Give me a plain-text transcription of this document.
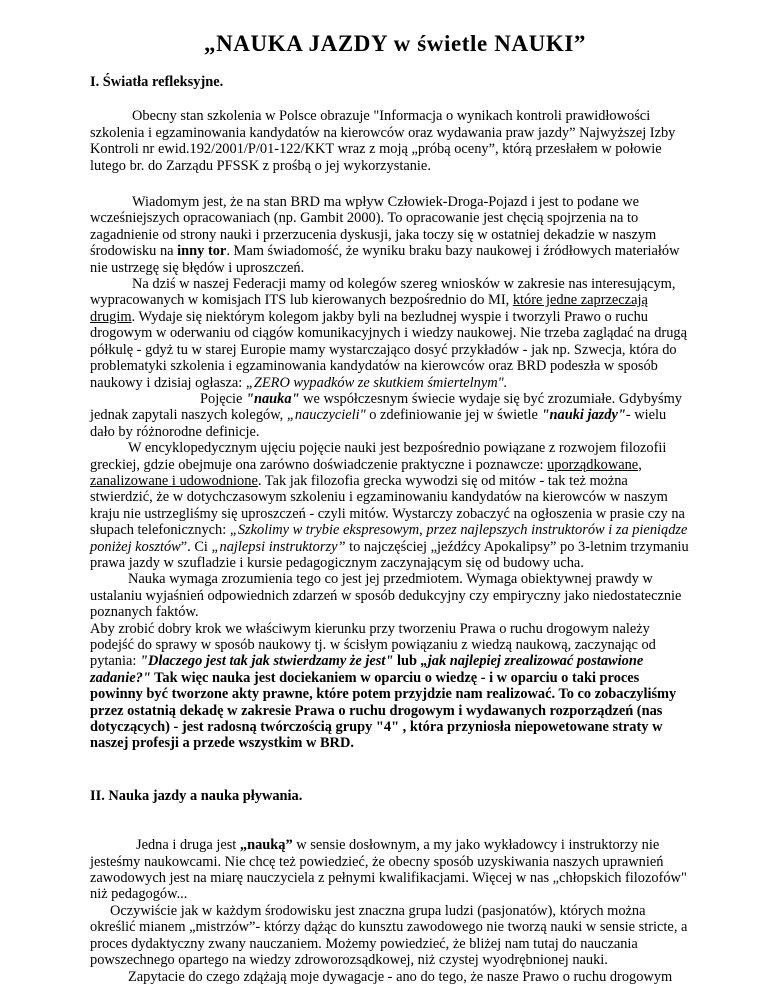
„NAUKA JAZDY w świetle NAUKI”
I. Światła refleksyjne.

Obecny stan szkolenia w Polsce obrazuje "Informacja o wynikach kontroli prawidłowości szkolenia i egzaminowania kandydatów na kierowców oraz wydawania praw jazdy” Najwyższej Izby Kontroli nr ewid.192/2001/P/01-122/KKT wraz z moją „próbą oceny”, którą przesłałem w połowie lutego br. do Zarządu PFSSK z prośbą o jej wykorzystanie.

Wiadomym jest, że na stan BRD ma wpływ Człowiek-Droga-Pojazd i jest to podane we wcześniejszych opracowaniach (np. Gambit 2000). To opracowanie jest chęcią spojrzenia na to zagadnienie od strony nauki i przerzucenia dyskusji, jaka toczy się w ostatniej dekadzie w naszym środowisku na inny tor. Mam świadomość, że wyniku braku bazy naukowej i źródłowych materiałów nie ustrzegę się błędów i uproszczeń.

Na dziś w naszej Federacji mamy od kolegów szereg wniosków w zakresie nas interesującym, wypracowanych w komisjach ITS lub kierowanych bezpośrednio do MI, które jedne zaprzeczają drugim. Wydaje się niektórym kolegom jakby byli na bezludnej wyspie i tworzyli Prawo o ruchu drogowym w oderwaniu od ciągów komunikacyjnych i wiedzy naukowej. Nie trzeba zaglądać na drugą półkulę - gdyż tu w starej Europie mamy wystarczająco dosyć przykładów - jak np. Szwecja, która do problematyki szkolenia i egzaminowania kandydatów na kierowców oraz BRD podeszła w sposób naukowy i dzisiaj ogłasza: „ZERO wypadków ze skutkiem śmiertelnym".

Pojęcie "nauka" we współczesnym świecie wydaje się być zrozumiałe. Gdybyśmy jednak zapytali naszych kolegów, „nauczycieli" o zdefiniowanie jej w świetle "nauki jazdy"- wielu dało by różnorodne definicje.

W encyklopedycznym ujęciu pojęcie nauki jest bezpośrednio powiązane z rozwojem filozofii greckiej, gdzie obejmuje ona zarówno doświadczenie praktyczne i poznawcze: uporządkowane, zanalizowane i udowodnione. Tak jak filozofia grecka wywodzi się od mitów - tak też można stwierdzić, że w dotychczasowym szkoleniu i egzaminowaniu kandydatów na kierowców w naszym kraju nie ustrzegliśmy się uproszczeń - czyli mitów. Wystarczy zobaczyć na ogłoszenia w prasie czy na słupach telefonicznych: „Szkolimy w trybie ekspresowym, przez najlepszych instruktorów i za pieniądze poniżej kosztów”. Ci „najlepsi instruktorzy” to najczęściej „jeźdźcy Apokalipsy” po 3-letnim trzymaniu prawa jazdy w szufladzie i kursie pedagogicznym zaczynającym się od budowy ucha.

Nauka wymaga zrozumienia tego co jest jej przedmiotem. Wymaga obiektywnej prawdy w ustalaniu wyjaśnień odpowiednich zdarzeń w sposób dedukcyjny czy empiryczny jako niedostatecznie poznanych faktów.

Aby zrobić dobry krok we właściwym kierunku przy tworzeniu Prawa o ruchu drogowym należy podejść do sprawy w sposób naukowy tj. w ścisłym powiązaniu z wiedzą naukową, zaczynając od pytania: "Dlaczego jest tak jak stwierdzamy że jest" lub „jak najlepiej zrealizować postawione zadanie?" Tak więc nauka jest dociekaniem w oparciu o wiedzę - i w oparciu o taki proces powinny być tworzone akty prawne, które potem przyjdzie nam realizować. To co zobaczyliśmy przez ostatnią dekadę w zakresie Prawa o ruchu drogowym i wydawanych rozporządzeń (nas dotyczących) - jest radosną twórczością grupy "4" , która przyniosła niepowetowane straty w naszej profesji a przede wszystkim w BRD.

II. Nauka jazdy a nauka pływania.

Jedna i druga jest „nauką” w sensie dosłownym, a my jako wykładowcy i instruktorzy nie jesteśmy naukowcami. Nie chcę też powiedzieć, że obecny sposób uzyskiwania naszych uprawnień zawodowych jest na miarę nauczyciela z pełnymi kwalifikacjami. Więcej w nas „chłopskich filozofów" niż pedagogów...

Oczywiście jak w każdym środowisku jest znaczna grupa ludzi (pasjonatów), których można określić mianem „mistrzów”- którzy dążąc do kunsztu zawodowego nie tworzą nauki w sensie stricte, a proces dydaktyczny zwany nauczaniem. Możemy powiedzieć, że bliżej nam tutaj do nauczania powszechnego opartego na wiedzy zdroworozsądkowej, niż czystej wyodrębnionej nauki.

Zapytacie do czego zdążają moje dywagacje - ano do tego, że nasze Prawo o ruchu drogowym
